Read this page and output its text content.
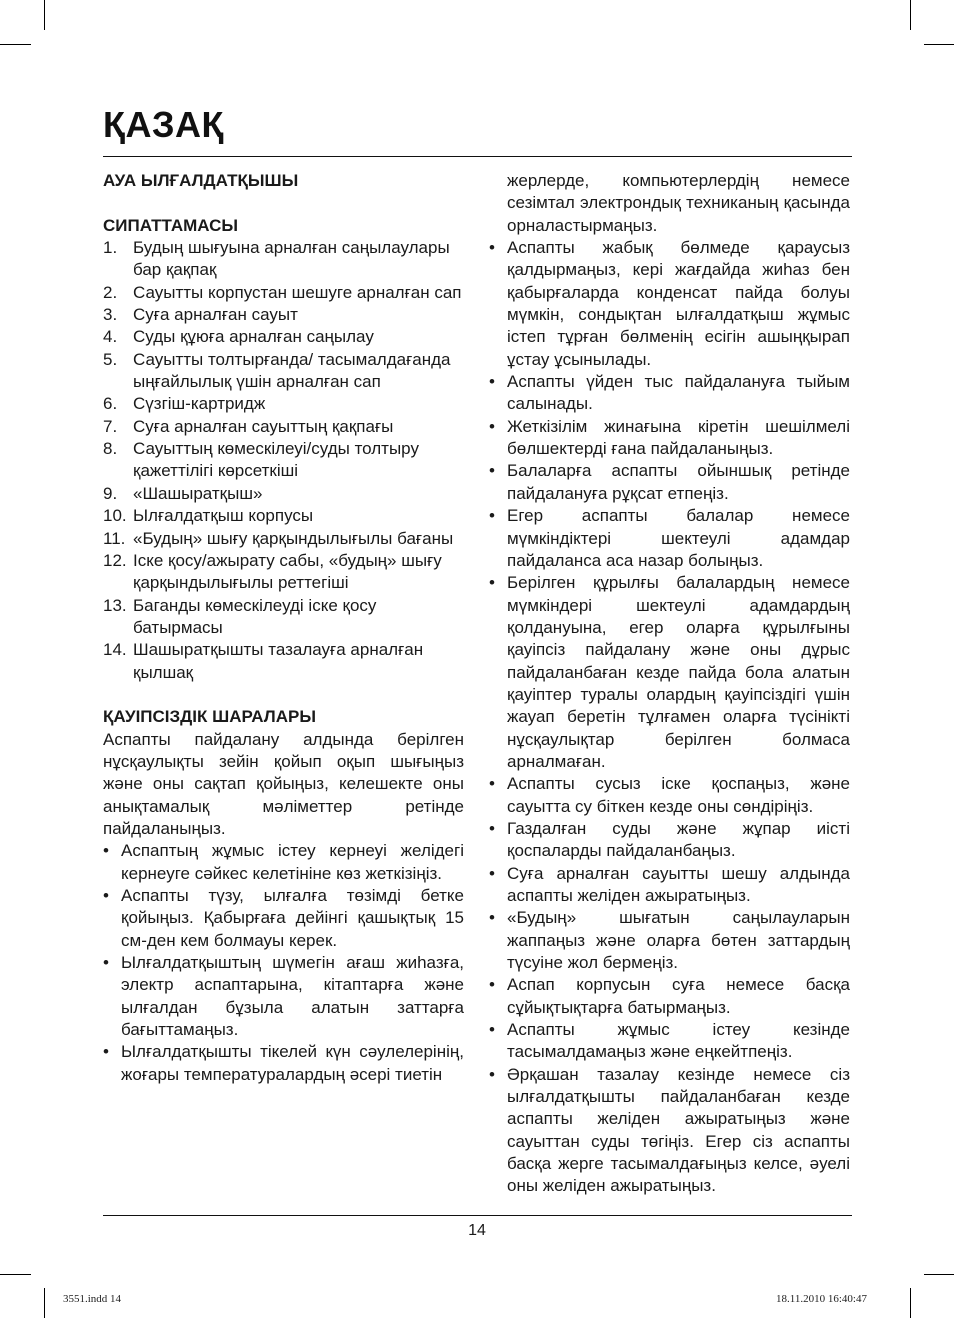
ҚАЗАҚ

АУА ЫЛҒАЛДАТҚЫШЫ

СИПАТТАМАСЫ

1. Будың шығуына арналған саңылаулары бар қақпақ
2. Сауытты корпустан шешуге арналған сап
3. Суға арналған сауыт
4. Суды құюға арналған саңылау
5. Сауытты толтырғанда/ тасымалдағанда ыңғайлылық үшін арналған сап
6. Сүзгіш-картридж
7. Суға арналған сауыттың қақпағы
8. Сауыттың көмескілеуі/суды толтыру қажеттілігі көрсеткіші
9. «Шашыратқыш»
10. Ылғалдатқыш корпусы
11. «Будың» шығу қарқындылығылы бағаны
12. Іске қосу/ажырату сабы, «будың» шығу қарқындылығылы реттегіші
13. Баганды көмескілеуді іске қосу батырмасы
14. Шашыратқышты тазалауға арналған қылшақ

ҚАУІПСІЗДІК ШАРАЛАРЫ

Аспапты пайдалану алдында берілген нұсқаулықты зейін қойып оқып шығыңыз және оны сақтап қойыңыз, келешекте оны анықтамалық мәліметтер ретінде пайдаланыңыз.

• Аспаптың жұмыс істеу кернеуі желідегі кернеуге сәйкес келетініне көз жеткізіңіз.
• Аспапты түзу, ылғалға төзімді бетке қойыңыз. Қабырғаға дейінгі қашықтық 15 см-ден кем болмауы керек.
• Ылғалдатқыштың шүмегін ағаш жиһазға, электр аспаптарына, кітаптарға және ылғалдан бұзыла алатын заттарға бағыттамаңыз.
• Ылғалдатқышты тікелей күн сәулелерінің, жоғары температуралардың әсері тиетін

жерлерде, компьютерлердің немесе сезімтал электрондық техниканың қасында орналастырмаңыз.

• Аспапты жабық бөлмеде қараусыз қалдырмаңыз, кері жағдайда жиһаз бен қабырғаларда конденсат пайда болуы мүмкін, сондықтан ылғалдатқыш жұмыс істеп тұрған бөлменің есігін ашыңқырап ұстау ұсынылады.
• Аспапты үйден тыс пайдалануға тыйым салынады.
• Жеткізілім жинағына кіретін шешілмелі бөлшектерді ғана пайдаланыңыз.
• Балаларға аспапты ойыншық ретінде пайдалануға рұқсат етпеңіз.
• Егер аспапты балалар немесе мүмкіндіктері шектеулі адамдар пайдаланса аса назар болыңыз.
• Берілген құрылғы балалардың немесе мүмкіндері шектеулі адамдардың қолдануына, егер оларға құрылғыны қауіпсіз пайдалану және оны дұрыс пайдаланбаған кезде пайда бола алатын қауіптер туралы олардың қауіпсіздігі үшін жауап беретін тұлғамен оларға түсінікті нұсқаулықтар берілген болмаса арналмаған.
• Аспапты сусыз іске қоспаңыз, және сауытта су біткен кезде оны сөндіріңіз.
• Газдалған суды және жұпар иісті қоспаларды пайдаланбаңыз.
• Суға арналған сауытты шешу алдында аспапты желіден ажыратыңыз.
• «Будың» шығатын саңылауларын жаппаңыз және оларға бөтен заттардың түсуіне жол бермеңіз.
• Аспап корпусын суға немесе басқа сұйықтықтарға батырмаңыз.
• Аспапты жұмыс істеу кезінде тасымалдамаңыз және еңкейтпеңіз.
• Әрқашан тазалау кезінде немесе сіз ылғалдатқышты пайдаланбаған кезде аспапты желіден ажыратыңыз және сауыттан суды төгіңіз. Егер сіз аспапты басқа жерге тасымалдағыңыз келсе, әуелі оны желіден ажыратыңыз.
14
3551.indd 14	18.11.2010 16:40:47
